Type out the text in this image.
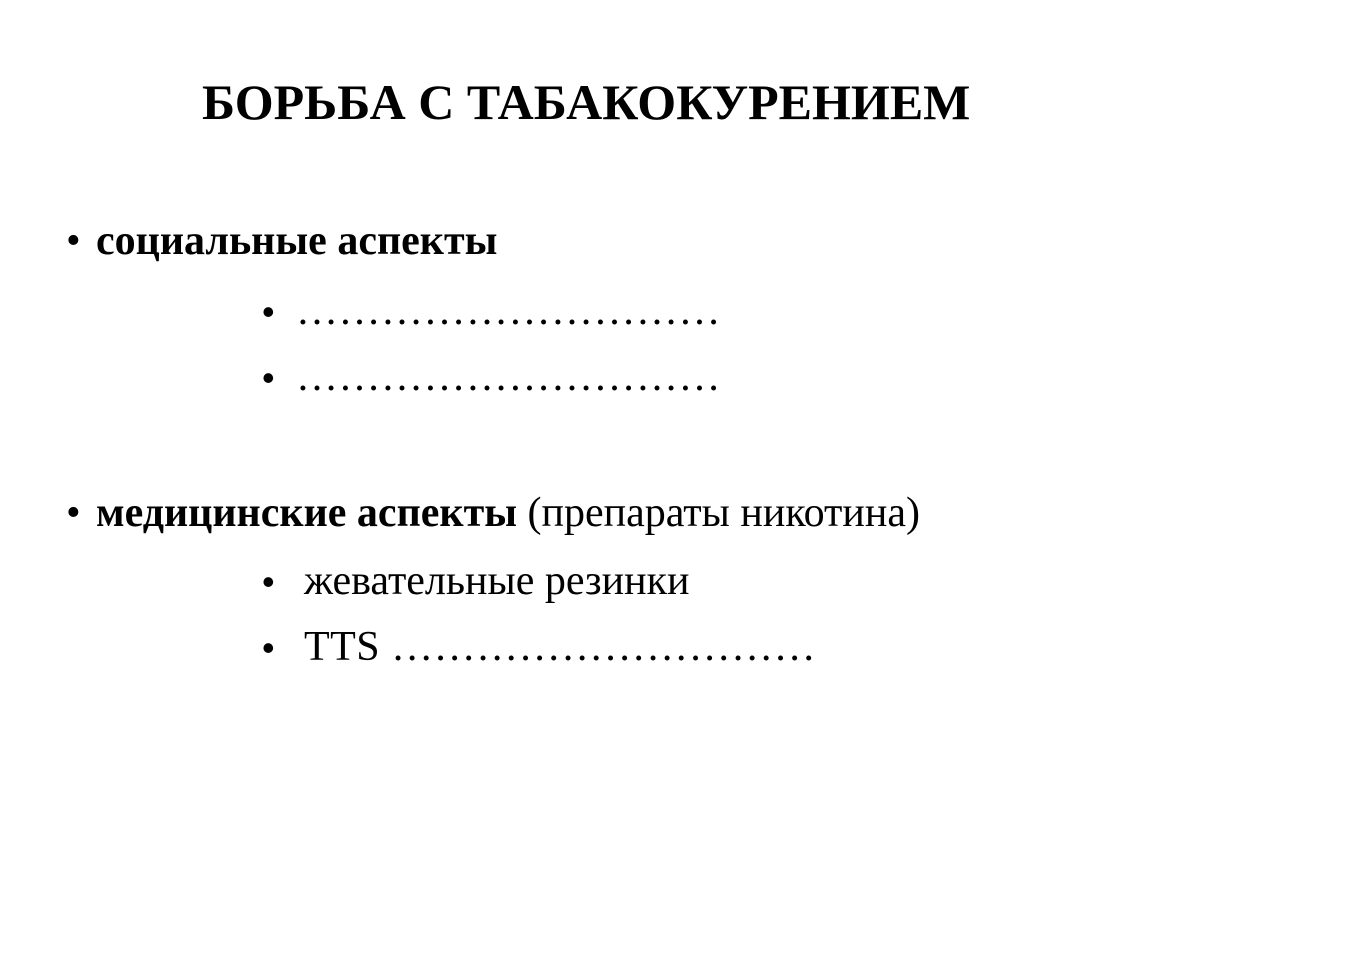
БОРЬБА С ТАБАКОКУРЕНИЕМ
• социальные аспекты
• …………………………
• …………………………
• медицинские аспекты (препараты никотина)
• жевательные резинки
• TTS …………………………
